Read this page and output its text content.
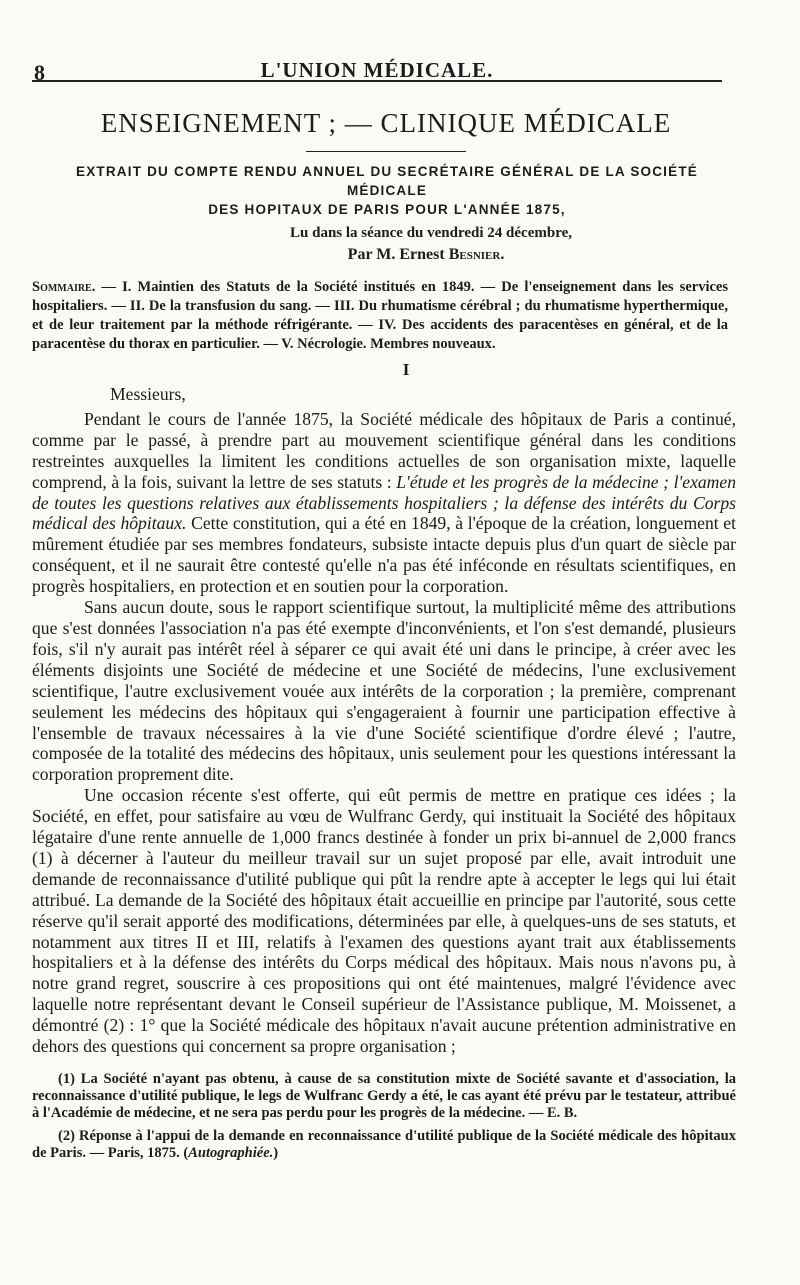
8	L'UNION MÉDICALE.
ENSEIGNEMENT ; — CLINIQUE MÉDICALE
EXTRAIT DU COMPTE RENDU ANNUEL DU SECRÉTAIRE GÉNÉRAL DE LA SOCIÉTÉ MÉDICALE
DES HOPITAUX DE PARIS POUR L'ANNÉE 1875,
Lu dans la séance du vendredi 24 décembre,
Par M. Ernest Besnier.
Sommaire. — I. Maintien des Statuts de la Société institués en 1849. — De l'enseignement dans les services hospitaliers. — II. De la transfusion du sang. — III. Du rhumatisme cérébral ; du rhumatisme hyperthermique, et de leur traitement par la méthode réfrigérante. — IV. Des accidents des paracentèses en général, et de la paracentèse du thorax en particulier. — V. Nécrologie. Membres nouveaux.
I

Messieurs,

Pendant le cours de l'année 1875, la Société médicale des hôpitaux de Paris a continué, comme par le passé, à prendre part au mouvement scientifique général dans les conditions restreintes auxquelles la limitent les conditions actuelles de son organisation mixte, laquelle comprend, à la fois, suivant la lettre de ses statuts : L'étude et les progrès de la médecine ; l'examen de toutes les questions relatives aux établissements hospitaliers ; la défense des intérêts du Corps médical des hôpitaux. Cette constitution, qui a été en 1849, à l'époque de la création, longuement et mûrement étudiée par ses membres fondateurs, subsiste intacte depuis plus d'un quart de siècle par conséquent, et il ne saurait être contesté qu'elle n'a pas été inféconde en résultats scientifiques, en progrès hospitaliers, en protection et en soutien pour la corporation.

Sans aucun doute, sous le rapport scientifique surtout, la multiplicité même des attributions que s'est données l'association n'a pas été exempte d'inconvénients, et l'on s'est demandé, plusieurs fois, s'il n'y aurait pas intérêt réel à séparer ce qui avait été uni dans le principe, à créer avec les éléments disjoints une Société de médecine et une Société de médecins, l'une exclusivement scientifique, l'autre exclusivement vouée aux intérêts de la corporation ; la première, comprenant seulement les médecins des hôpitaux qui s'engageraient à fournir une participation effective à l'ensemble de travaux nécessaires à la vie d'une Société scientifique d'ordre élevé ; l'autre, composée de la totalité des médecins des hôpitaux, unis seulement pour les questions intéressant la corporation proprement dite.

Une occasion récente s'est offerte, qui eût permis de mettre en pratique ces idées ; la Société, en effet, pour satisfaire au vœu de Wulfranc Gerdy, qui instituait la Société des hôpitaux légataire d'une rente annuelle de 1,000 francs destinée à fonder un prix bi-annuel de 2,000 francs (1) à décerner à l'auteur du meilleur travail sur un sujet proposé par elle, avait introduit une demande de reconnaissance d'utilité publique qui pût la rendre apte à accepter le legs qui lui était attribué. La demande de la Société des hôpitaux était accueillie en principe par l'autorité, sous cette réserve qu'il serait apporté des modifications, déterminées par elle, à quelques-uns de ses statuts, et notamment aux titres II et III, relatifs à l'examen des questions ayant trait aux établissements hospitaliers et à la défense des intérêts du Corps médical des hôpitaux. Mais nous n'avons pu, à notre grand regret, souscrire à ces propositions qui ont été maintenues, malgré l'évidence avec laquelle notre représentant devant le Conseil supérieur de l'Assistance publique, M. Moissenet, a démontré (2) : 1° que la Société médicale des hôpitaux n'avait aucune prétention administrative en dehors des questions qui concernent sa propre organisation ;

(1) La Société n'ayant pas obtenu, à cause de sa constitution mixte de Société savante et d'association, la reconnaissance d'utilité publique, le legs de Wulfranc Gerdy a été, le cas ayant été prévu par le testateur, attribué à l'Académie de médecine, et ne sera pas perdu pour les progrès de la médecine. — E. B.

(2) Réponse à l'appui de la demande en reconnaissance d'utilité publique de la Société médicale des hôpitaux de Paris. — Paris, 1875. (Autographiée.)
